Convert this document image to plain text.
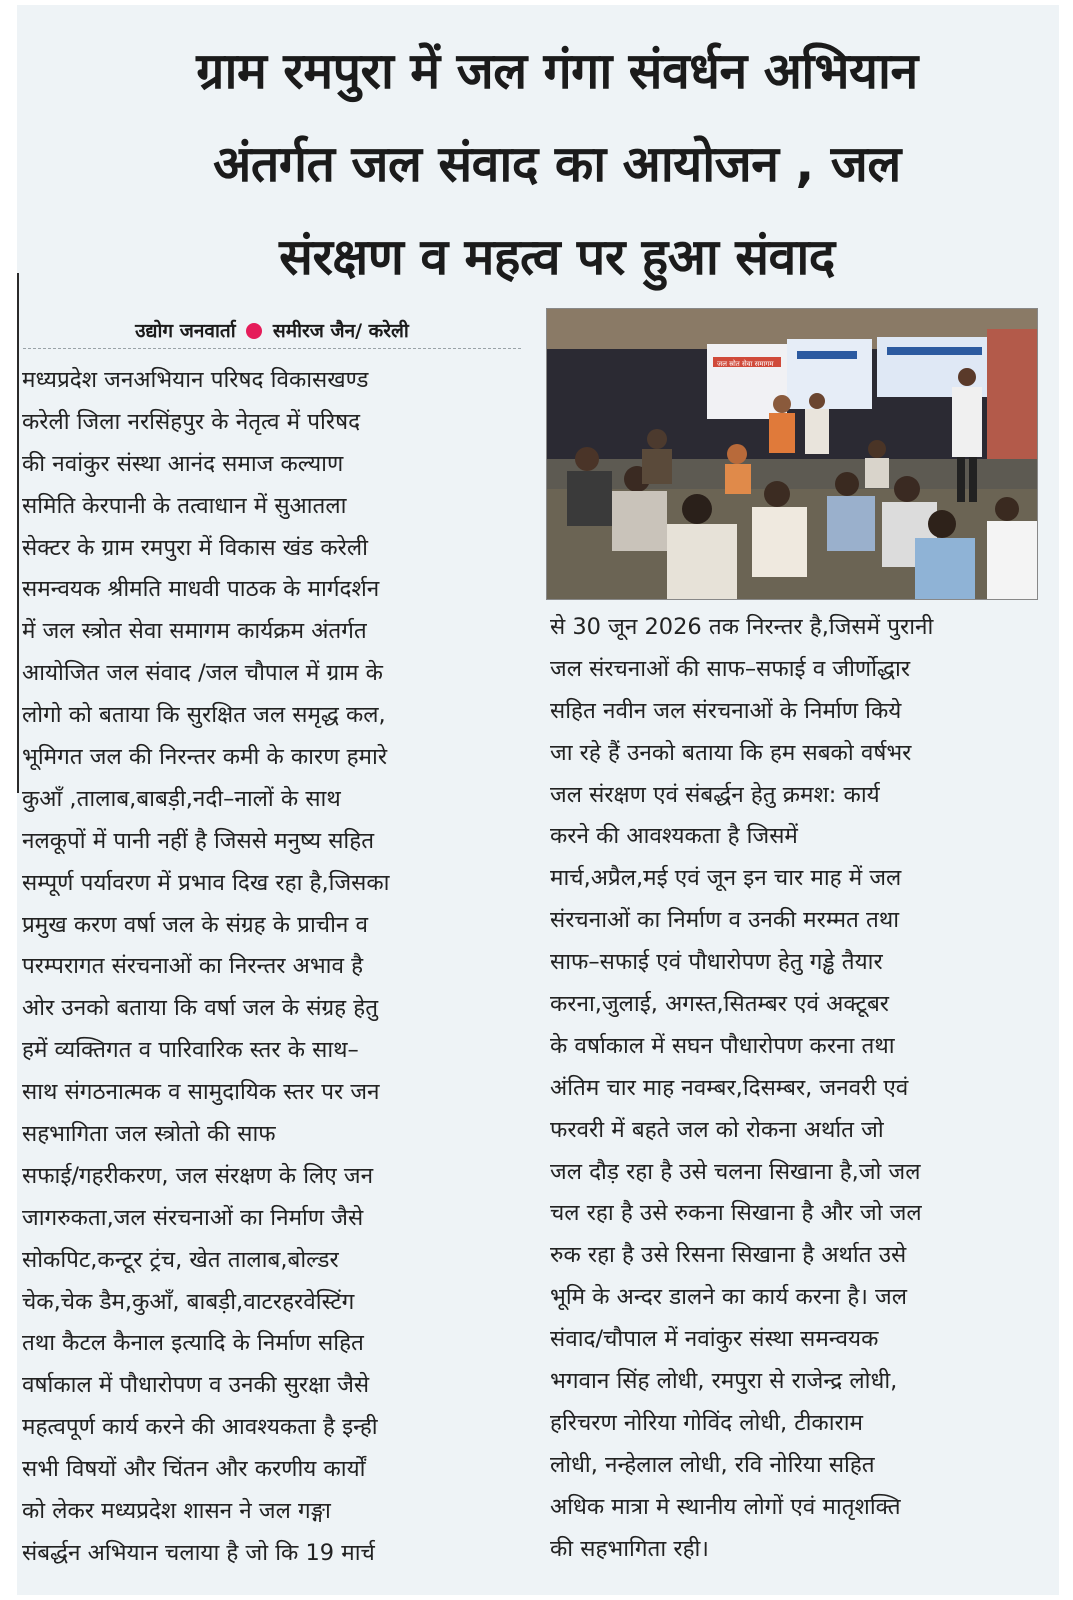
ग्राम रमपुरा में जल गंगा संवर्धन अभियान
अंतर्गत जल संवाद का आयोजन , जल
संरक्षण व महत्व पर हुआ संवाद
उद्योग जनवार्ता समीरज जैन/ करेली
जल स्रोत सेवा समागम
मध्यप्रदेश जनअभियान परिषद विकासखण्ड
करेली जिला नरसिंहपुर के नेतृत्व में परिषद
की नवांकुर संस्था आनंद समाज कल्याण
समिति केरपानी के तत्वाधान में सुआतला
सेक्टर के ग्राम रमपुरा में विकास खंड करेली
समन्वयक श्रीमति माधवी पाठक के मार्गदर्शन
में जल स्त्रोत सेवा समागम कार्यक्रम अंतर्गत
आयोजित जल संवाद /जल चौपाल में ग्राम के
लोगो को बताया कि सुरक्षित जल समृद्ध कल,
भूमिगत जल की निरन्तर कमी के कारण हमारे
कुआँ ,तालाब,बाबड़ी,नदी–नालों के साथ
नलकूपों में पानी नहीं है जिससे मनुष्य सहित
सम्पूर्ण पर्यावरण में प्रभाव दिख रहा है,जिसका
प्रमुख करण वर्षा जल के संग्रह के प्राचीन व
परम्परागत संरचनाओं का निरन्तर अभाव है
ओर उनको बताया कि वर्षा जल के संग्रह हेतु
हमें व्यक्तिगत व पारिवारिक स्तर के साथ–
साथ संगठनात्मक व सामुदायिक स्तर पर जन
सहभागिता जल स्त्रोतो की साफ
सफाई/गहरीकरण, जल संरक्षण के लिए जन
जागरुकता,जल संरचनाओं का निर्माण जैसे
सोकपिट,कन्टूर ट्रंच, खेत तालाब,बोल्डर
चेक,चेक डैम,कुआँ, बाबड़ी,वाटरहरवेस्टिंग
तथा कैटल कैनाल इत्यादि के निर्माण सहित
वर्षाकाल में पौधारोपण व उनकी सुरक्षा जैसे
महत्वपूर्ण कार्य करने की आवश्यकता है इन्ही
सभी विषयों और चिंतन और करणीय कार्यों
को लेकर मध्यप्रदेश शासन ने जल गङ्गा
संबर्द्धन अभियान चलाया है जो कि 19 मार्च
से 30 जून 2026 तक निरन्तर है,जिसमें पुरानी
जल संरचनाओं की साफ–सफाई व जीर्णोद्धार
सहित नवीन जल संरचनाओं के निर्माण किये
जा रहे हैं उनको बताया कि हम सबको वर्षभर
जल संरक्षण एवं संबर्द्धन हेतु क्रमश: कार्य
करने की आवश्यकता है जिसमें
मार्च,अप्रैल,मई एवं जून इन चार माह में जल
संरचनाओं का निर्माण व उनकी मरम्मत तथा
साफ–सफाई एवं पौधारोपण हेतु गड्ढे तैयार
करना,जुलाई, अगस्त,सितम्बर एवं अक्टूबर
के वर्षाकाल में सघन पौधारोपण करना तथा
अंतिम चार माह नवम्बर,दिसम्बर, जनवरी एवं
फरवरी में बहते जल को रोकना अर्थात जो
जल दौड़ रहा है उसे चलना सिखाना है,जो जल
चल रहा है उसे रुकना सिखाना है और जो जल
रुक रहा है उसे रिसना सिखाना है अर्थात उसे
भूमि के अन्दर डालने का कार्य करना है। जल
संवाद/चौपाल में नवांकुर संस्था समन्वयक
भगवान सिंह लोधी, रमपुरा से राजेन्द्र लोधी,
हरिचरण नोरिया गोविंद लोधी, टीकाराम
लोधी, नन्हेलाल लोधी, रवि नोरिया सहित
अधिक मात्रा मे स्थानीय लोगों एवं मातृशक्ति
की सहभागिता रही।
